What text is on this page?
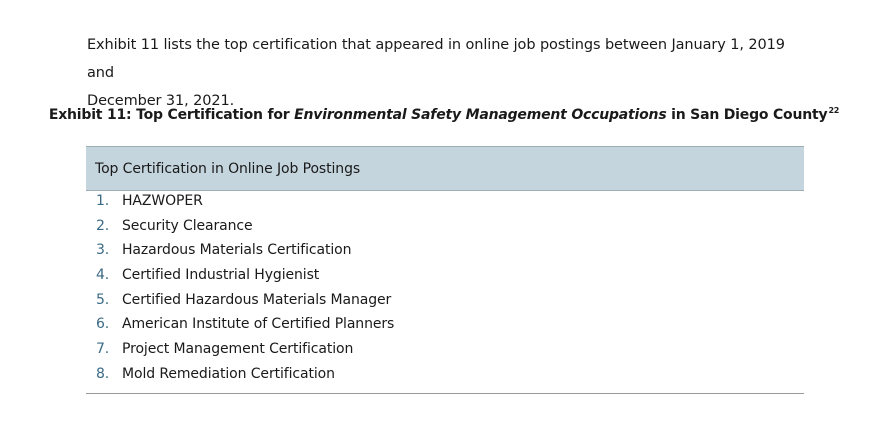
Exhibit 11 lists the top certification that appeared in online job postings between January 1, 2019 and
December 31, 2021.
Exhibit 11: Top Certification for Environmental Safety Management Occupations in San Diego County$^{22}$
Top Certification in Online Job Postings
1. HAZWOPER
2. Security Clearance
3. Hazardous Materials Certification
4. Certified Industrial Hygienist
5. Certified Hazardous Materials Manager
6. American Institute of Certified Planners
7. Project Management Certification
8. Mold Remediation Certification
